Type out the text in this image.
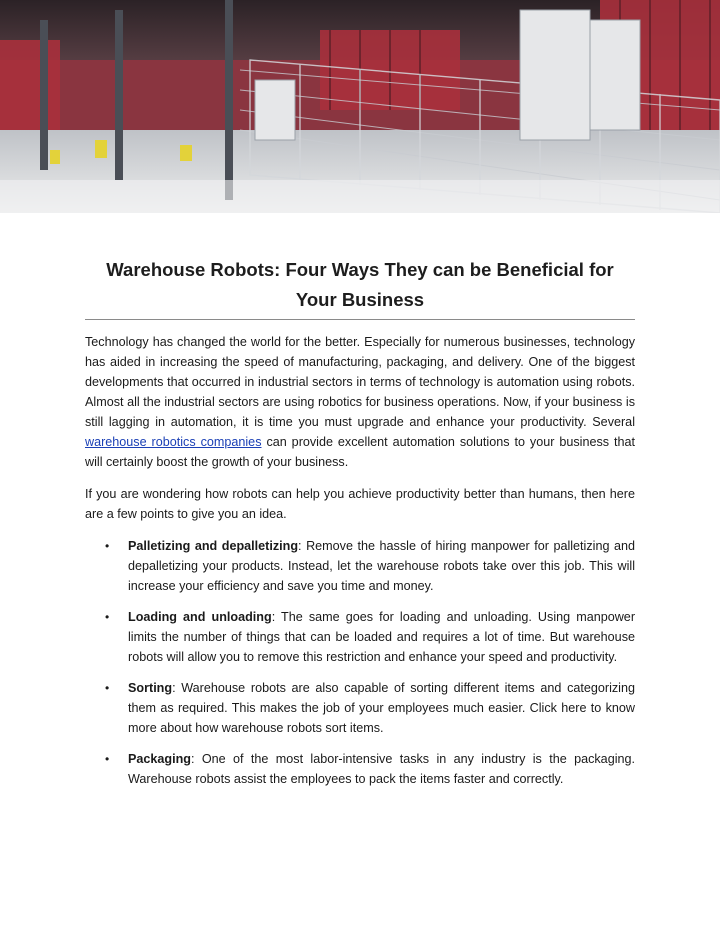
Warehouse Robots: Four Ways They can be Beneficial for Your Business

Technology has changed the world for the better. Especially for numerous businesses, technology has aided in increasing the speed of manufacturing, packaging, and delivery. One of the biggest developments that occurred in industrial sectors in terms of technology is automation using robots. Almost all the industrial sectors are using robotics for business operations. Now, if your business is still lagging in automation, it is time you must upgrade and enhance your productivity. Several warehouse robotics companies can provide excellent automation solutions to your business that will certainly boost the growth of your business.

If you are wondering how robots can help you achieve productivity better than humans, then here are a few points to give you an idea.

•	Palletizing and depalletizing: Remove the hassle of hiring manpower for palletizing and depalletizing your products. Instead, let the warehouse robots take over this job. This will increase your efficiency and save you time and money.
•	Loading and unloading: The same goes for loading and unloading. Using manpower limits the number of things that can be loaded and requires a lot of time. But warehouse robots will allow you to remove this restriction and enhance your speed and productivity.
•	Sorting: Warehouse robots are also capable of sorting different items and categorizing them as required. This makes the job of your employees much easier. Click here to know more about how warehouse robots sort items.
•	Packaging: One of the most labor-intensive tasks in any industry is the packaging. Warehouse robots assist the employees to pack the items faster and correctly.
